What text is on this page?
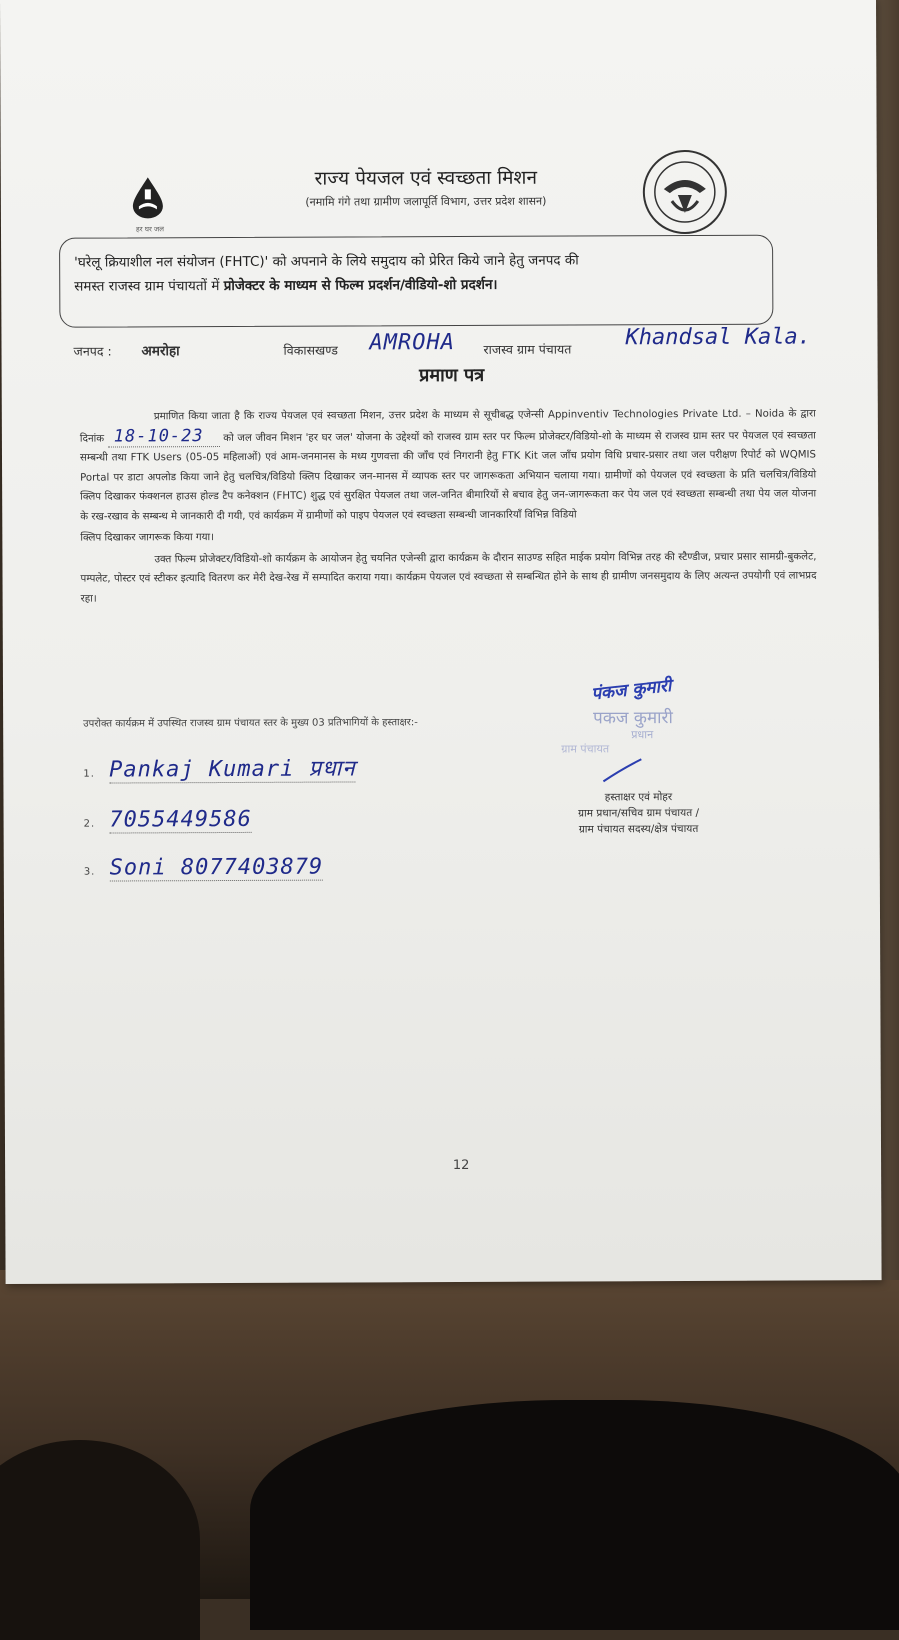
हर घर जल
राज्य पेयजल एवं स्वच्छता मिशन
(नमामि गंगे तथा ग्रामीण जलापूर्ति विभाग, उत्तर प्रदेश शासन)
'घरेलू क्रियाशील नल संयोजन (FHTC)' को अपनाने के लिये समुदाय को प्रेरित किये जाने हेतु जनपद की
समस्त राजस्व ग्राम पंचायतों में प्रोजेक्टर के माध्यम से फिल्म प्रदर्शन/वीडियो-शो प्रदर्शन।
जनपद : अमरोहा	विकासखण्ड AMROHA राजस्व ग्राम पंचायत Khandsal Kala.
प्रमाण पत्र

प्रमाणित किया जाता है कि राज्य पेयजल एवं स्वच्छता मिशन, उत्तर प्रदेश के माध्यम से सूचीबद्ध एजेन्सी Appinventiv Technologies Private Ltd. – Noida के द्वारा दिनांक 18-10-23 को जल जीवन मिशन 'हर घर जल' योजना के उद्देश्यों को राजस्व ग्राम स्तर पर फिल्म प्रोजेक्टर/विडियो-शो के माध्यम से राजस्व ग्राम स्तर पर पेयजल एवं स्वच्छता सम्बन्धी तथा FTK Users (05-05 महिलाओं) एवं आम-जनमानस के मध्य गुणवत्ता की जाँच एवं निगरानी हेतु FTK Kit जल जाँच प्रयोग विधि प्रचार-प्रसार तथा जल परीक्षण रिपोर्ट को WQMIS Portal पर डाटा अपलोड किया जाने हेतु चलचित्र/विडियो क्लिप दिखाकर जन-मानस में व्यापक स्तर पर जागरूकता अभियान चलाया गया। ग्रामीणों को पेयजल एवं स्वच्छता के प्रति चलचित्र/विडियो क्लिप दिखाकर फंक्शनल हाउस होल्ड टैप कनेक्शन (FHTC) शुद्ध एवं सुरक्षित पेयजल तथा जल-जनित बीमारियों से बचाव हेतु जन-जागरूकता कर पेय जल एवं स्वच्छता सम्बन्धी तथा पेय जल योजना के रख-रखाव के सम्बन्ध मे जानकारी दी गयी, एवं कार्यक्रम में ग्रामीणों को पाइप पेयजल एवं स्वच्छता सम्बन्धी जानकारियॉं विभिन्न विडियो

क्लिप दिखाकर जागरूक किया गया।

उक्त फिल्म प्रोजेक्टर/विडियो-शो कार्यक्रम के आयोजन हेतु चयनित एजेन्सी द्वारा कार्यक्रम के दौरान साउण्ड सहित माईक प्रयोग विभिन्न तरह की स्टैण्डीज, प्रचार प्रसार सामग्री-बुकलेट, पम्पलेट, पोस्टर एवं स्टीकर इत्यादि वितरण कर मेरी देख-रेख में सम्पादित कराया गया। कार्यक्रम पेयजल एवं स्वच्छता से सम्बन्धित होने के साथ ही ग्रामीण जनसमुदाय के लिए अत्यन्त उपयोगी एवं लाभप्रद रहा।

पंकज कुमारी
पकज कुमारी
प्रधान
ग्राम पंचायत
हस्ताक्षर एवं मोहर
ग्राम प्रधान/सचिव ग्राम पंचायत /
ग्राम पंचायत सदस्य/क्षेत्र पंचायत
उपरोक्त कार्यक्रम में उपस्थित राजस्व ग्राम पंचायत स्तर के मुख्य 03 प्रतिभागियों के हस्ताक्षर:-
1. Pankaj Kumari प्रधान
2. 7055449586
3. Soni 8077403879
12
